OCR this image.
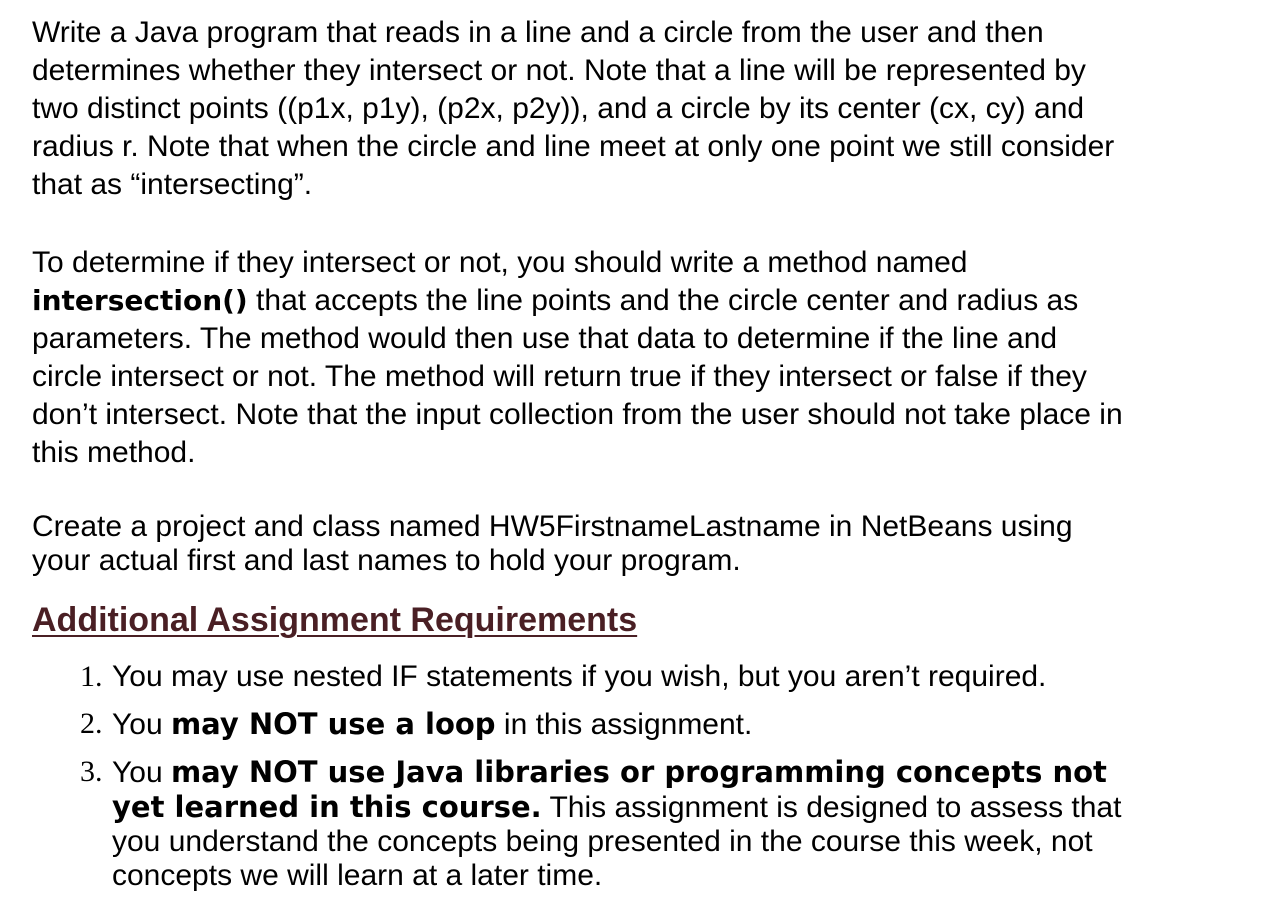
Write a Java program that reads in a line and a circle from the user and then determines whether they intersect or not. Note that a line will be represented by two distinct points ((p1x, p1y), (p2x, p2y)), and a circle by its center (cx, cy) and radius r. Note that when the circle and line meet at only one point we still consider that as “intersecting”.

To determine if they intersect or not, you should write a method named intersection() that accepts the line points and the circle center and radius as parameters. The method would then use that data to determine if the line and circle intersect or not. The method will return true if they intersect or false if they don’t intersect. Note that the input collection from the user should not take place in this method.

Create a project and class named HW5FirstnameLastname in NetBeans using your actual first and last names to hold your program.

Additional Assignment Requirements
1. You may use nested IF statements if you wish, but you aren’t required.
2. You may NOT use a loop in this assignment.
3. You may NOT use Java libraries or programming concepts not yet learned in this course. This assignment is designed to assess that you understand the concepts being presented in the course this week, not concepts we will learn at a later time.
